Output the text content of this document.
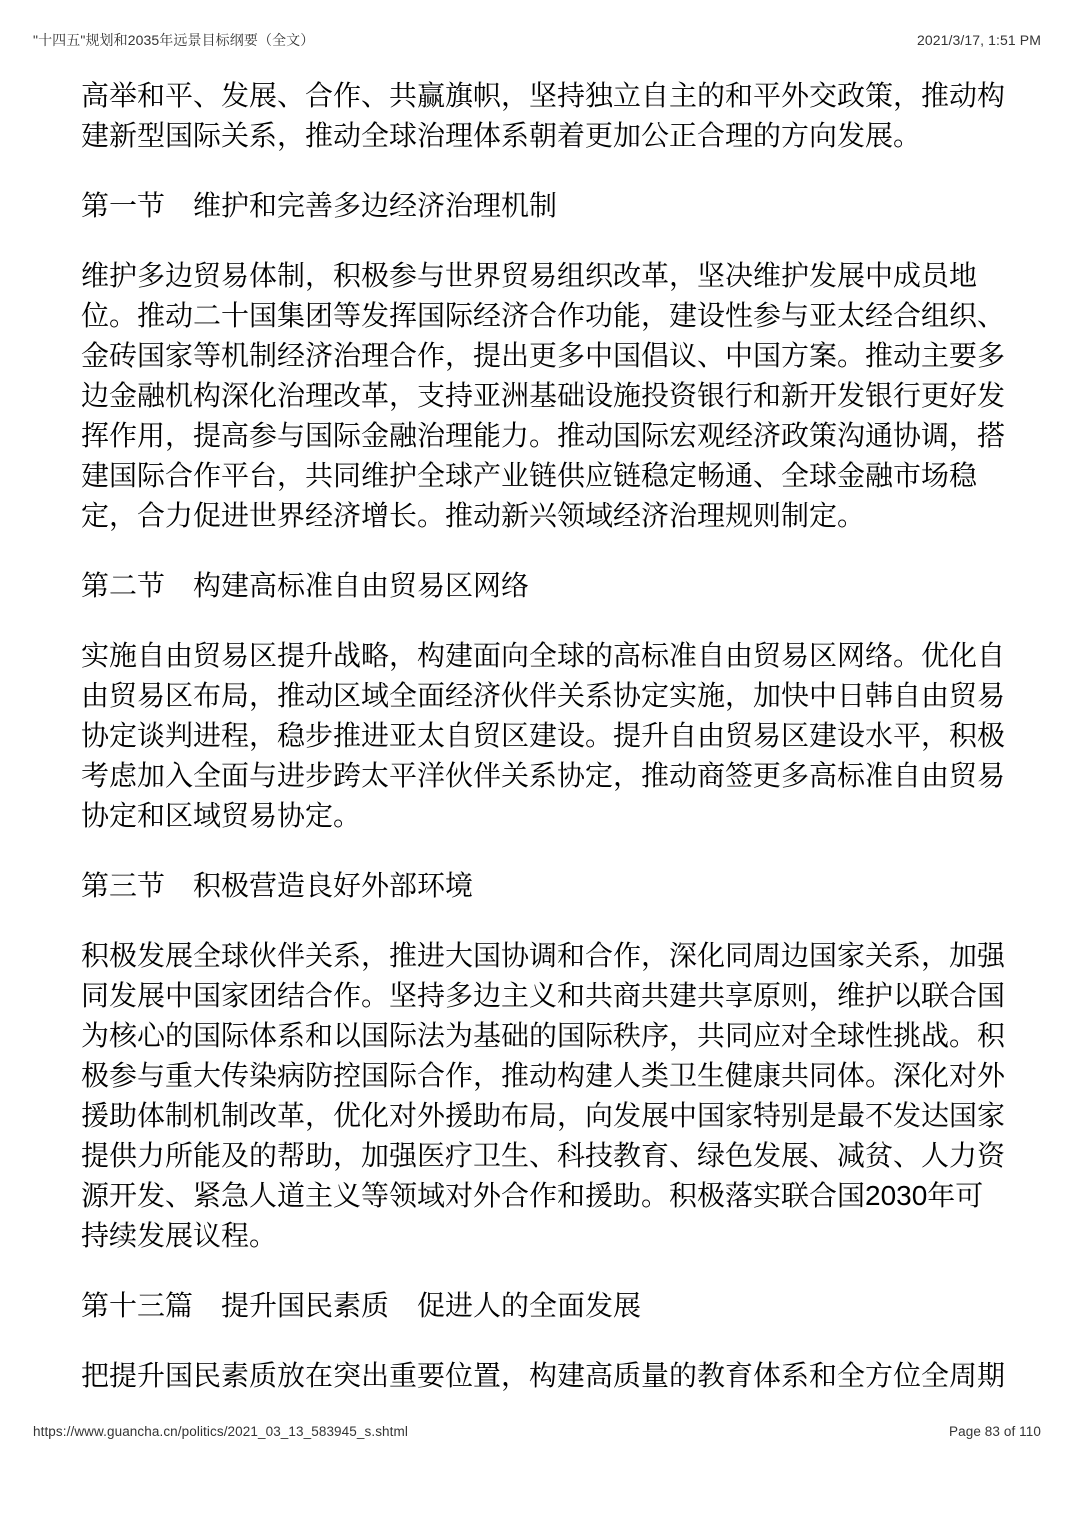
"十四五"规划和2035年远景目标纲要（全文）	2021/3/17, 1:51 PM

高举和平、发展、合作、共赢旗帜，坚持独立自主的和平外交政策，推动构建新型国际关系，推动全球治理体系朝着更加公正合理的方向发展。

第一节　维护和完善多边经济治理机制

维护多边贸易体制，积极参与世界贸易组织改革，坚决维护发展中成员地位。推动二十国集团等发挥国际经济合作功能，建设性参与亚太经合组织、金砖国家等机制经济治理合作，提出更多中国倡议、中国方案。推动主要多边金融机构深化治理改革，支持亚洲基础设施投资银行和新开发银行更好发挥作用，提高参与国际金融治理能力。推动国际宏观经济政策沟通协调，搭建国际合作平台，共同维护全球产业链供应链稳定畅通、全球金融市场稳定，合力促进世界经济增长。推动新兴领域经济治理规则制定。

第二节　构建高标准自由贸易区网络

实施自由贸易区提升战略，构建面向全球的高标准自由贸易区网络。优化自由贸易区布局，推动区域全面经济伙伴关系协定实施，加快中日韩自由贸易协定谈判进程，稳步推进亚太自贸区建设。提升自由贸易区建设水平，积极考虑加入全面与进步跨太平洋伙伴关系协定，推动商签更多高标准自由贸易协定和区域贸易协定。

第三节　积极营造良好外部环境

积极发展全球伙伴关系，推进大国协调和合作，深化同周边国家关系，加强同发展中国家团结合作。坚持多边主义和共商共建共享原则，维护以联合国为核心的国际体系和以国际法为基础的国际秩序，共同应对全球性挑战。积极参与重大传染病防控国际合作，推动构建人类卫生健康共同体。深化对外援助体制机制改革，优化对外援助布局，向发展中国家特别是最不发达国家提供力所能及的帮助，加强医疗卫生、科技教育、绿色发展、减贫、人力资源开发、紧急人道主义等领域对外合作和援助。积极落实联合国2030年可持续发展议程。

第十三篇　提升国民素质　促进人的全面发展

把提升国民素质放在突出重要位置，构建高质量的教育体系和全方位全周期

https://www.guancha.cn/politics/2021_03_13_583945_s.shtml	Page 83 of 110
